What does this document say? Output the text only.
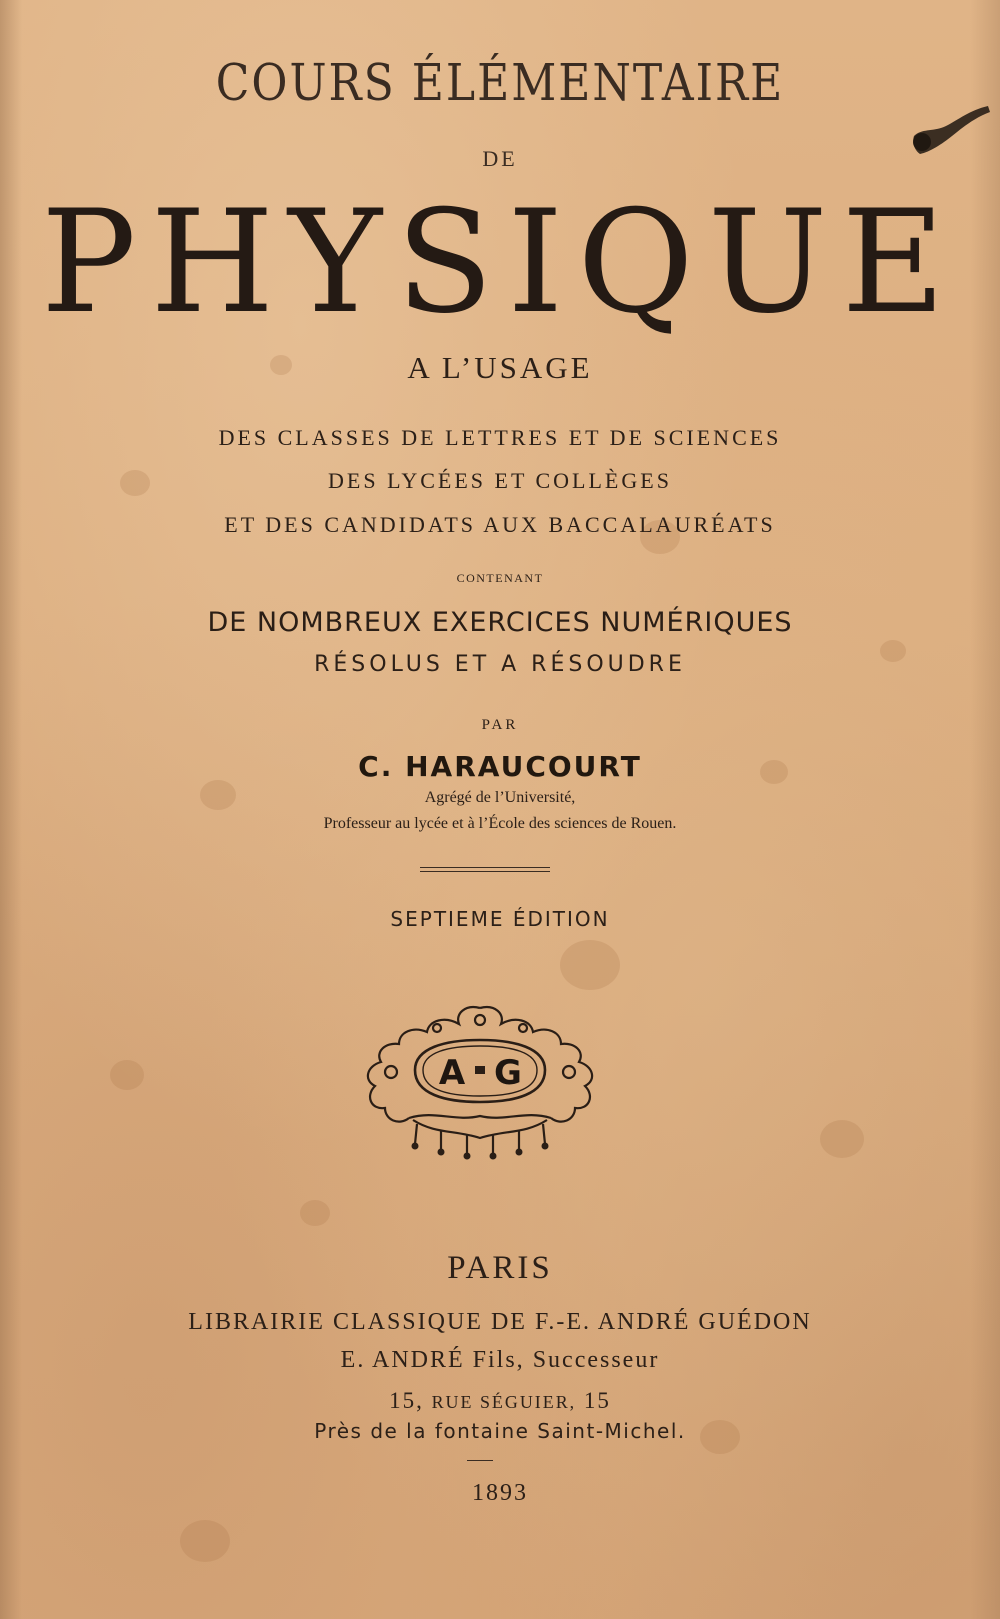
COURS ÉLÉMENTAIRE
DE
PHYSIQUE
A L’USAGE
DES CLASSES DE LETTRES ET DE SCIENCES
DES LYCÉES ET COLLÈGES
ET DES CANDIDATS AUX BACCALAURÉATS
CONTENANT
DE NOMBREUX EXERCICES NUMÉRIQUES
RÉSOLUS ET A RÉSOUDRE
PAR
C. HARAUCOURT
Agrégé de l’Université,
Professeur au lycée et à l’École des sciences de Rouen.
SEPTIEME ÉDITION
A G
PARIS
LIBRAIRIE CLASSIQUE DE F.-E. ANDRÉ GUÉDON
E. ANDRÉ Fils, Successeur
15, RUE SÉGUIER, 15
Près de la fontaine Saint-Michel.
1893
